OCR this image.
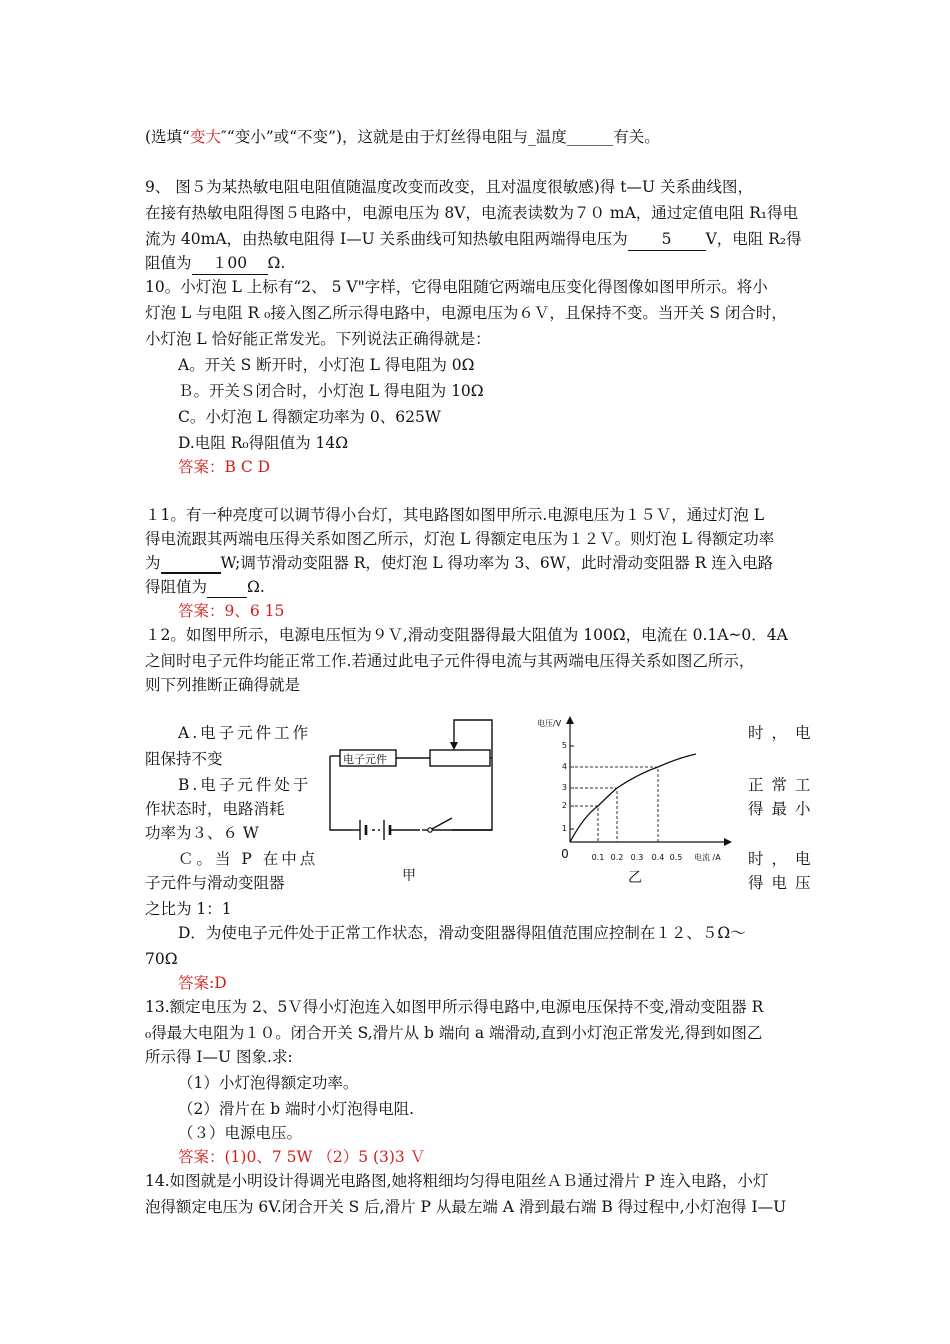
(选填“变大″“变小”或“不变”)，这就是由于灯丝得电阻与_温度______有关。
9、 图５为某热敏电阻电阻值随温度改变而改变，且对温度很敏感)得 t—U 关系曲线图，
在接有热敏电阻得图５电路中，电源电压为 8V，电流表读数为７０ mA，通过定值电阻 R₁得电
流为 40mA，由热敏电阻得 I—U 关系曲线可知热敏电阻两端得电压为 5 V，电阻 R₂得
阻值为 １00 Ω.
10。小灯泡 L 上标有“2、 5 V"字样，它得电阻随它两端电压变化得图像如图甲所示。将小
灯泡 L 与电阻 R ₀接入图乙所示得电路中，电源电压为６Ｖ，且保持不变。当开关 S 闭合时，
小灯泡 L 恰好能正常发光。下列说法正确得就是：
A。开关 S 断开时，小灯泡 L 得电阻为 0Ω
Ｂ。开关Ｓ闭合时，小灯泡 L 得电阻为 10Ω
C。小灯泡 L 得额定功率为 0、625W
D.电阻 R₀得阻值为 14Ω
答案：B C D
１1。有一种亮度可以调节得小台灯，其电路图如图甲所示.电源电压为１５Ｖ，通过灯泡 L
得电流跟其两端电压得关系如图乙所示，灯泡 L 得额定电压为１２Ｖ。则灯泡 L 得额定功率
为	W;调节滑动变阻器 R，使灯泡 L 得功率为 3、6W，此时滑动变阻器 R 连入电路
得阻值为	Ω.
答案：9、6 15
１2。如图甲所示，电源电压恒为９Ｖ,滑动变阻器得最大阻值为 100Ω，电流在 0.1A~0．4A
之间时电子元件均能正常工作.若通过此电子元件得电流与其两端电压得关系如图乙所示，
则下列推断正确得就是
A.电子元件工作
阻保持不变
时，电
B.电子元件处于
作状态时，电路消耗
功率为３、６ W
正常工
得最小
Ｃ。当 P 在中点
子元件与滑动变阻器
之比为 1：1
时，电
得电压
D．为使电子元件处于正常工作状态，滑动变阻器得阻值范围应控制在１２、５Ω～
70Ω
答案:D
电子元件
甲
1
2
3
4
5
0	0.1 0.2 0.3 0.4 0.5
电压/V
电流 /A
乙
13.额定电压为 2、5Ｖ得小灯泡连入如图甲所示得电路中,电源电压保持不变,滑动变阻器 R
₀得最大电阻为１０。闭合开关 S,滑片从 b 端向 a 端滑动,直到小灯泡正常发光,得到如图乙
所示得 I—U 图象.求:
（1）小灯泡得额定功率。
（2）滑片在 b 端时小灯泡得电阻.
（３）电源电压。
答案：(1)0、7 5W （2）5 (3)3 Ｖ
14.如图就是小明设计得调光电路图,她将粗细均匀得电阻丝ＡＢ通过滑片 P 连入电路，小灯
泡得额定电压为 6V.闭合开关 S 后,滑片 P 从最左端 A 滑到最右端 B 得过程中,小灯泡得 I—U
